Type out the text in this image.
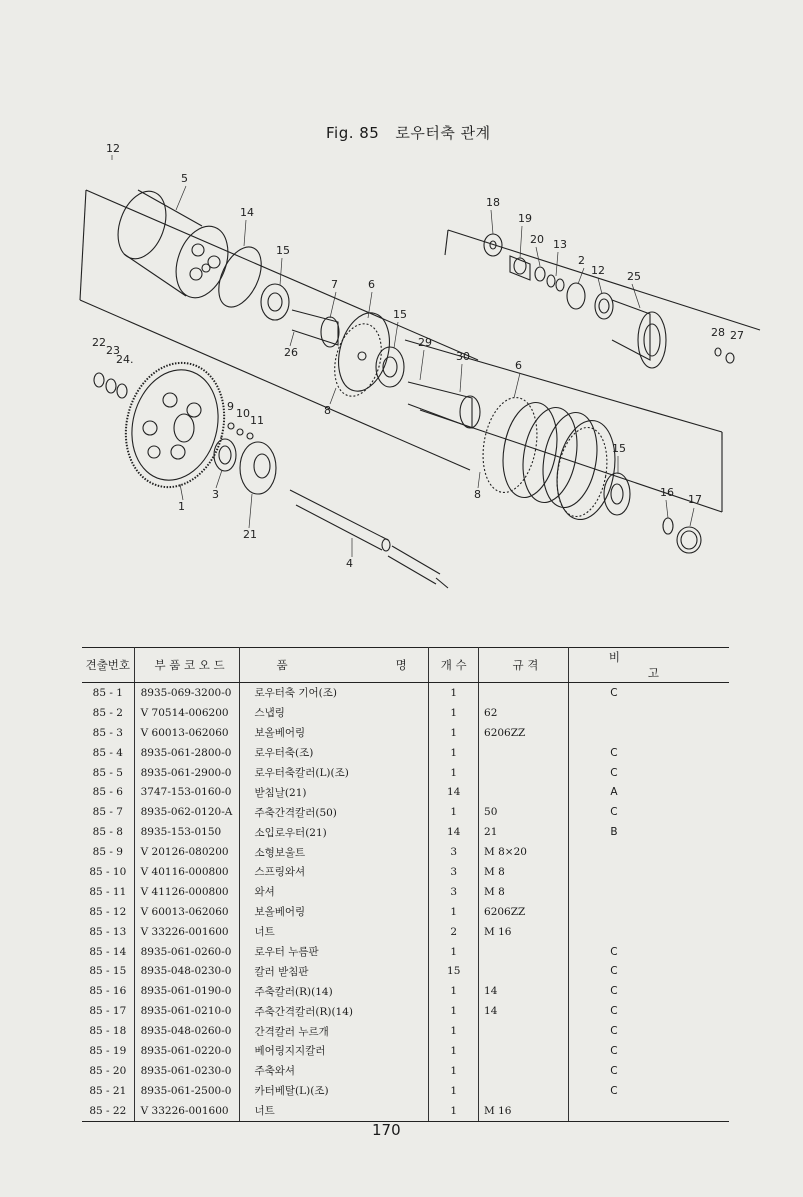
Fig. 85 로우터축 관계
12
5
14
15
7	6
15
26
8
22
23
24.
9
10
11
3
1
21
4
18
19
20 13
2
12 25
28 27
29
30
6
8
15
16
17
견출번호	부 품 코 오 드	품 명	개 수	규 격	비고
85 - 1	8935-069-3200-0	로우터축 기어(조)	1		C
85 - 2	V 70514-006200	스냅링	1	62	
85 - 3	V 60013-062060	보올베어링	1	6206ZZ	
85 - 4	8935-061-2800-0	로우터축(조)	1		C
85 - 5	8935-061-2900-0	로우터축칼러(L)(조)	1		C
85 - 6	3747-153-0160-0	받침날(21)	14		A
85 - 7	8935-062-0120-A	주축간격칼러(50)	1	50	C
85 - 8	8935-153-0150	소입로우터(21)	14	21	B
85 - 9	V 20126-080200	소형보울트	3	M 8×20	
85 - 10	V 40116-000800	스프링와셔	3	M 8	
85 - 11	V 41126-000800	와셔	3	M 8	
85 - 12	V 60013-062060	보올베어링	1	6206ZZ	
85 - 13	V 33226-001600	너트	2	M 16	
85 - 14	8935-061-0260-0	로우터 누름판	1		C
85 - 15	8935-048-0230-0	칼러 받침판	15		C
85 - 16	8935-061-0190-0	주축칼러(R)(14)	1	14	C
85 - 17	8935-061-0210-0	주축간격칼러(R)(14)	1	14	C
85 - 18	8935-048-0260-0	간격칼러 누르개	1		C
85 - 19	8935-061-0220-0	베어링지지칼러	1		C
85 - 20	8935-061-0230-0	주축와셔	1		C
85 - 21	8935-061-2500-0	카터베탈(L)(조)	1		C
85 - 22	V 33226-001600	너트	1	M 16	
170
